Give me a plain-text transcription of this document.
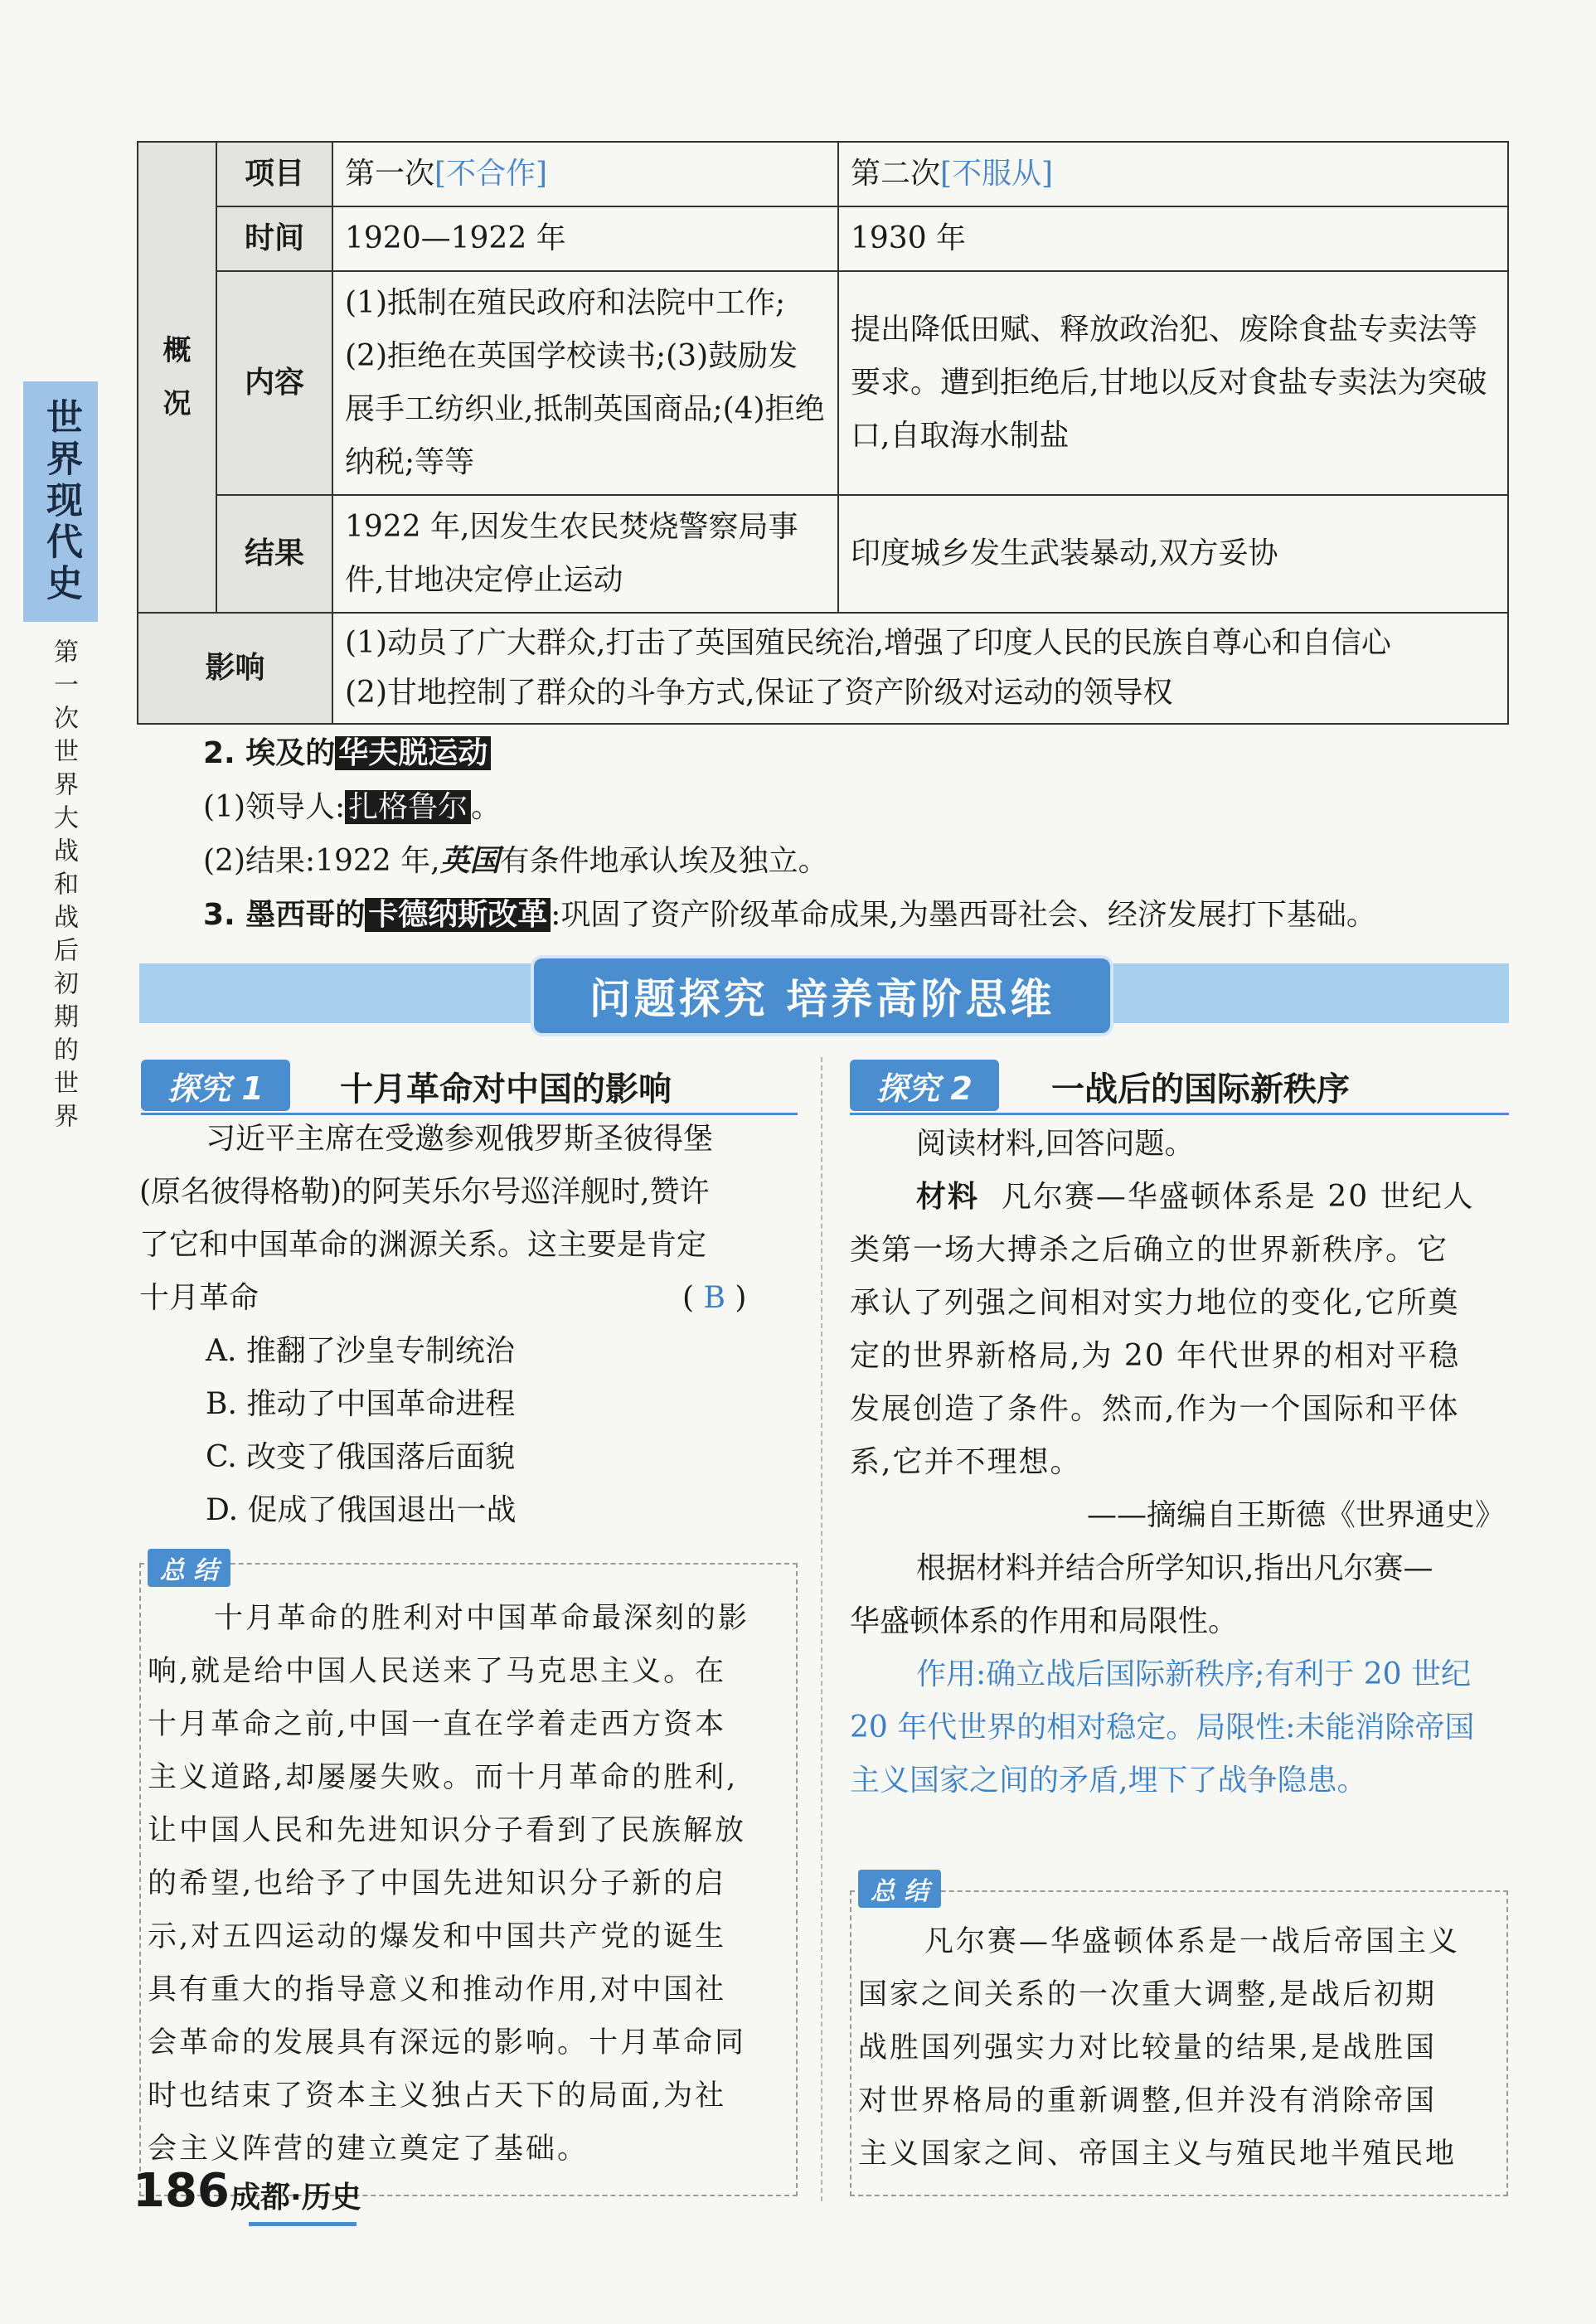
世界现代史
第一次世界大战和战后初期的世界
概况	项目	第一次[不合作]	第二次[不服从]
	时间	1920—1922 年	1930 年
	内容	(1)抵制在殖民政府和法院中工作;(2)拒绝在英国学校读书;(3)鼓励发展手工纺织业,抵制英国商品;(4)拒绝纳税;等等	提出降低田赋、释放政治犯、废除食盐专卖法等要求。遭到拒绝后,甘地以反对食盐专卖法为突破口,自取海水制盐
	结果	1922 年,因发生农民焚烧警察局事件,甘地决定停止运动	印度城乡发生武装暴动,双方妥协
影响		(1)动员了广大群众,打击了英国殖民统治,增强了印度人民的民族自尊心和自信心
(2)甘地控制了群众的斗争方式,保证了资产阶级对运动的领导权	
2. 埃及的 华夫脱运动
(1)领导人: 扎格鲁尔 。
(2)结果:1922 年,英国有条件地承认埃及独立。
3. 墨西哥的 卡德纳斯改革 :巩固了资产阶级革命成果,为墨西哥社会、经济发展打下基础。
问题探究 培养高阶思维
探究 1	十月革命对中国的影响
习近平主席在受邀参观俄罗斯圣彼得堡
(原名彼得格勒)的阿芙乐尔号巡洋舰时,赞许
了它和中国革命的渊源关系。这主要是肯定
十月革命	( B )
A. 推翻了沙皇专制统治
B. 推动了中国革命进程
C. 改变了俄国落后面貌
D. 促成了俄国退出一战
总 结
十月革命的胜利对中国革命最深刻的影
响,就是给中国人民送来了马克思主义。在
十月革命之前,中国一直在学着走西方资本
主义道路,却屡屡失败。而十月革命的胜利,
让中国人民和先进知识分子看到了民族解放
的希望,也给予了中国先进知识分子新的启
示,对五四运动的爆发和中国共产党的诞生
具有重大的指导意义和推动作用,对中国社
会革命的发展具有深远的影响。十月革命同
时也结束了资本主义独占天下的局面,为社
会主义阵营的建立奠定了基础。
探究 2	一战后的国际新秩序
阅读材料,回答问题。
材料 凡尔赛—华盛顿体系是 20 世纪人
类第一场大搏杀之后确立的世界新秩序。它
承认了列强之间相对实力地位的变化,它所奠
定的世界新格局,为 20 年代世界的相对平稳
发展创造了条件。然而,作为一个国际和平体
系,它并不理想。
——摘编自王斯德《世界通史》
根据材料并结合所学知识,指出凡尔赛—
华盛顿体系的作用和局限性。
作用:确立战后国际新秩序;有利于 20 世纪
20 年代世界的相对稳定。局限性:未能消除帝国
主义国家之间的矛盾,埋下了战争隐患。
总 结
凡尔赛—华盛顿体系是一战后帝国主义
国家之间关系的一次重大调整,是战后初期
战胜国列强实力对比较量的结果,是战胜国
对世界格局的重新调整,但并没有消除帝国
主义国家之间、帝国主义与殖民地半殖民地
186 成都·历史
